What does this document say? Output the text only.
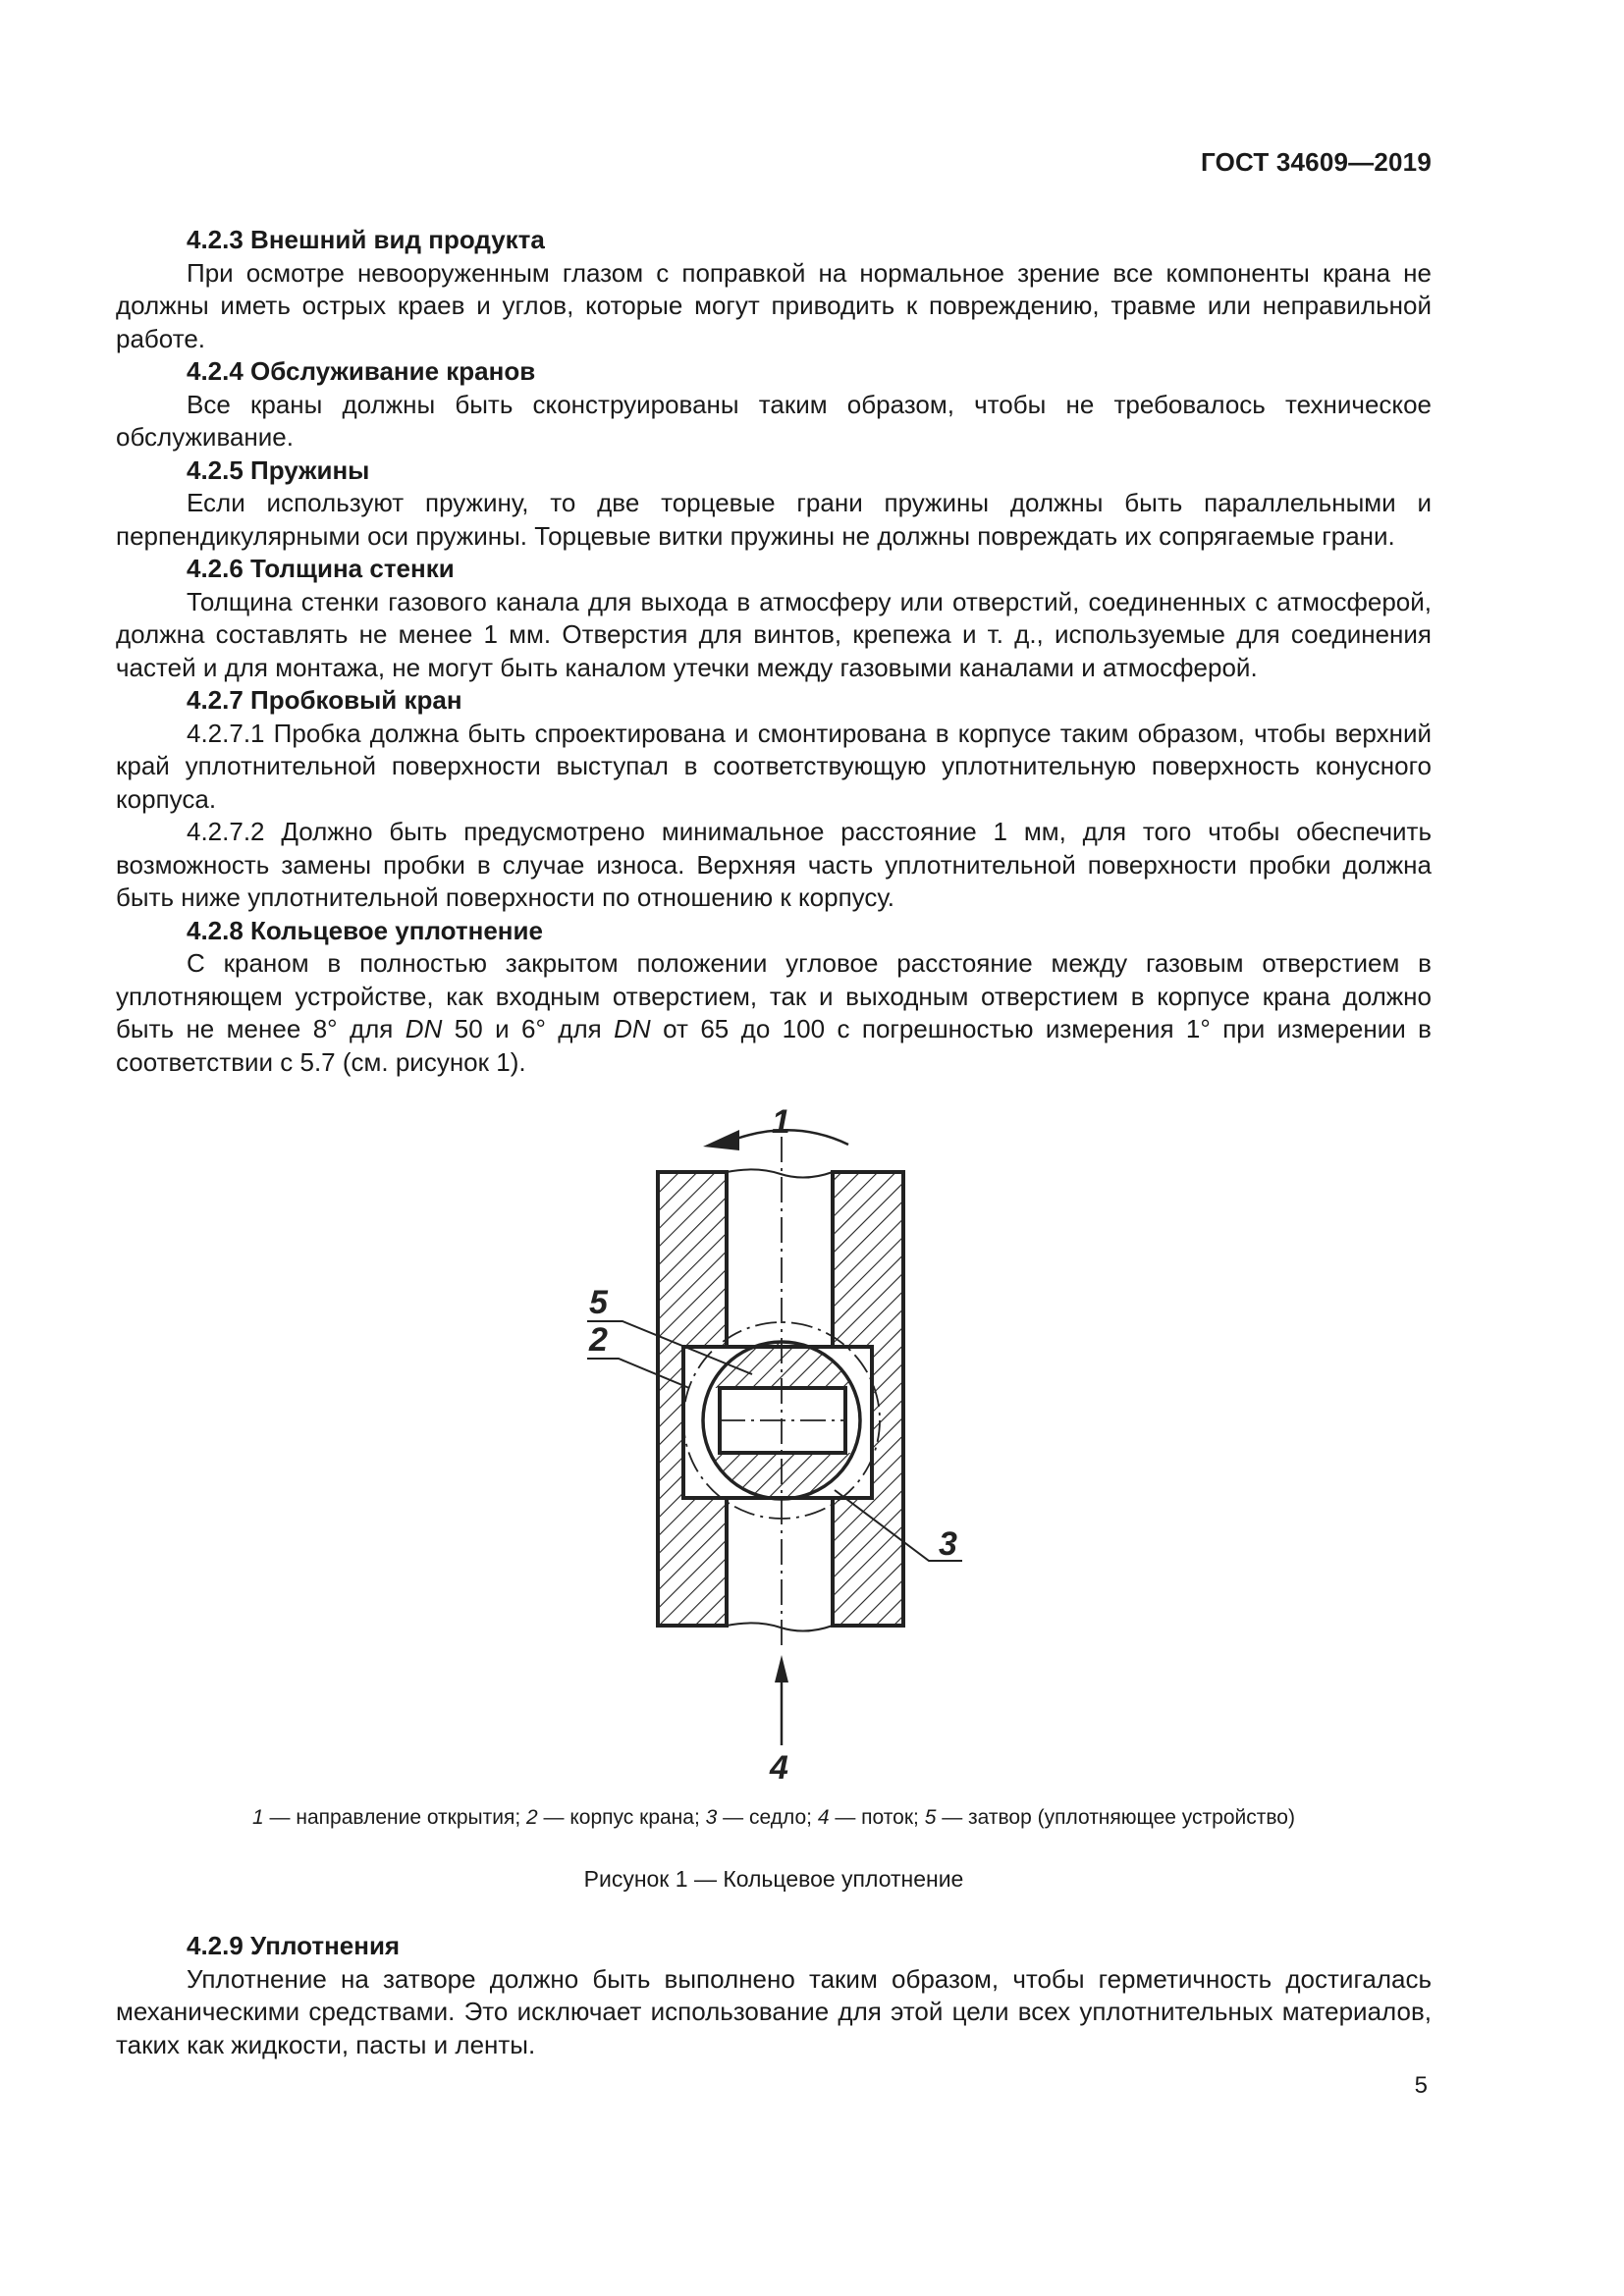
ГОСТ 34609—2019

4.2.3 Внешний вид продукта

При осмотре невооруженным глазом с поправкой на нормальное зрение все компоненты крана не должны иметь острых краев и углов, которые могут приводить к повреждению, травме или неправильной работе.

4.2.4 Обслуживание кранов

Все краны должны быть сконструированы таким образом, чтобы не требовалось техническое обслуживание.

4.2.5 Пружины

Если используют пружину, то две торцевые грани пружины должны быть параллельными и перпендикулярными оси пружины. Торцевые витки пружины не должны повреждать их сопрягаемые грани.

4.2.6 Толщина стенки

Толщина стенки газового канала для выхода в атмосферу или отверстий, соединенных с атмосферой, должна составлять не менее 1 мм. Отверстия для винтов, крепежа и т. д., используемые для соединения частей и для монтажа, не могут быть каналом утечки между газовыми каналами и атмосферой.

4.2.7 Пробковый кран

4.2.7.1 Пробка должна быть спроектирована и смонтирована в корпусе таким образом, чтобы верхний край уплотнительной поверхности выступал в соответствующую уплотнительную поверхность конусного корпуса.

4.2.7.2 Должно быть предусмотрено минимальное расстояние 1 мм, для того чтобы обеспечить возможность замены пробки в случае износа. Верхняя часть уплотнительной поверхности пробки должна быть ниже уплотнительной поверхности по отношению к корпусу.

4.2.8 Кольцевое уплотнение

С краном в полностью закрытом положении угловое расстояние между газовым отверстием в уплотняющем устройстве, как входным отверстием, так и выходным отверстием в корпусе крана должно быть не менее 8° для DN 50 и 6° для DN от 65 до 100 с погрешностью измерения 1° при измерении в соответствии с 5.7 (см. рисунок 1).

1
2
3
4
5
1 — направление открытия; 2 — корпус крана; 3 — седло; 4 — поток; 5 — затвор (уплотняющее устройство)
Рисунок 1 — Кольцевое уплотнение

4.2.9 Уплотнения

Уплотнение на затворе должно быть выполнено таким образом, чтобы герметичность достигалась механическими средствами. Это исключает использование для этой цели всех уплотнительных материалов, таких как жидкости, пасты и ленты.

5
